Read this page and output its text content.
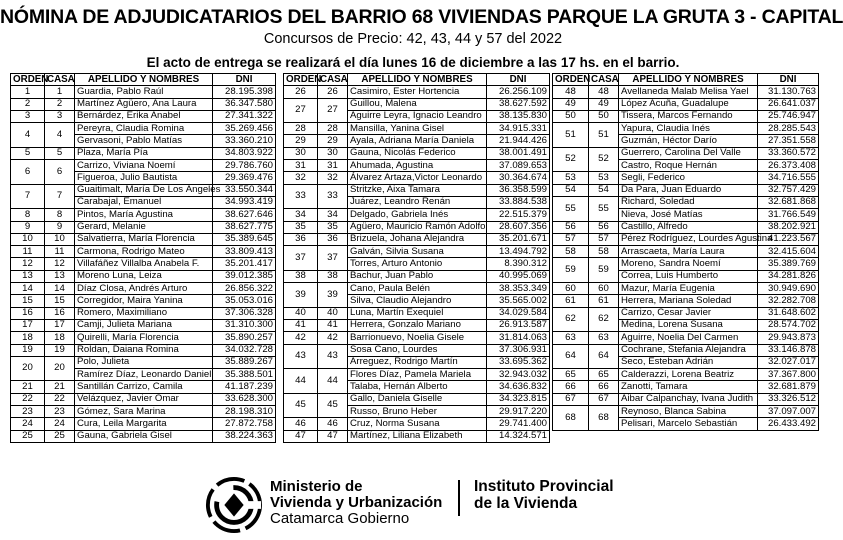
NÓMINA DE ADJUDICATARIOS DEL BARRIO 68 VIVIENDAS PARQUE LA GRUTA 3 - CAPITAL
Concursos de Precio: 42, 43, 44 y 57 del 2022
El acto de entrega se realizará el día lunes 16 de diciembre a las 17 hs. en el barrio.
ORDEN	CASA	APELLIDO Y NOMBRES	DNI
1	1	Guardia, Pablo Raúl	28.195.398
2	2	Martínez Agüero, Ana Laura	36.347.580
3	3	Bernárdez, Erika Anabel	27.341.322
4	4	Pereyra, Claudia Romina	35.269.456
		Gervasoni, Pablo Matías	33.360.210
5	5	Plaza, María Pía	34.803.922
6	6	Carrizo, Viviana Noemí	29.786.760
		Figueroa, Julio Bautista	29.369.476
7	7	Guaitimalt, María De Los Ángeles	33.550.344
		Carabajal, Emanuel	34.993.419
8	8	Pintos, María Agustina	38.627.646
9	9	Gerard, Melanie	38.627.775
10	10	Salvatierra, María Florencia	35.389.645
11	11	Carmona, Rodrigo Mateo	33.809.413
12	12	Villafáñez Villalba Anabela F.	35.201.417
13	13	Moreno Luna, Leiza	39.012.385
14	14	Díaz Closa, Andrés Arturo	26.856.322
15	15	Corregidor, Maira Yanina	35.053.016
16	16	Romero, Maximiliano	37.306.328
17	17	Camji, Julieta Mariana	31.310.300
18	18	Quirelli, María Florencia	35.890.257
19	19	Roldan, Daiana Romina	34.032.728
20	20	Polo, Julieta	35.889.267
		Ramírez Díaz, Leonardo Daniel	35.388.501
21	21	Santillán Carrizo, Camila	41.187.239
22	22	Velázquez, Javier Omar	33.628.300
23	23	Gómez, Sara Marina	28.198.310
24	24	Cura, Leila Margarita	27.872.758
25	25	Gauna, Gabriela Gisel	38.224.363
ORDEN	CASA	APELLIDO Y NOMBRES	DNI
26	26	Casimiro, Ester Hortencia	26.256.109
27	27	Guillou, Malena	38.627.592
		Aguirre Leyra, Ignacio Leandro	38.135.830
28	28	Mansilla, Yanina Gisel	34.915.331
29	29	Ayala, Adriana María Daniela	21.944.426
30	30	Gauna, Nicolás Federico	38.001.491
31	31	Ahumada, Agustina	37.089.653
32	32	Álvarez Artaza,Victor Leonardo	30.364.674
33	33	Stritzke, Aixa Tamara	36.358.599
		Juárez, Leandro Renán	33.884.538
34	34	Delgado, Gabriela Inés	22.515.379
35	35	Agüero, Mauricio Ramón Adolfo	28.607.356
36	36	Brizuela, Johana Alejandra	35.201.671
37	37	Galván, Silvia Susana	13.494.792
		Torres, Arturo Antonio	8.390.312
38	38	Bachur, Juan Pablo	40.995.069
39	39	Cano, Paula Belén	38.353.349
		Silva, Claudio Alejandro	35.565.002
40	40	Luna, Martín Exequiel	34.029.584
41	41	Herrera, Gonzalo Mariano	26.913.587
42	42	Barrionuevo, Noelia Gisele	31.814.063
43	43	Sosa Cano, Lourdes	37.306.931
		Arreguez, Rodrigo Martín	33.695.362
44	44	Flores Díaz, Pamela Mariela	32.943.032
		Talaba, Hernán Alberto	34.636.832
45	45	Gallo, Daniela Giselle	34.323.815
		Russo, Bruno Heber	29.917.220
46	46	Cruz, Norma Susana	29.741.400
47	47	Martínez, Liliana Elizabeth	14.324.571
ORDEN	CASA	APELLIDO Y NOMBRES	DNI
48	48	Avellaneda Malab Melisa Yael	31.130.763
49	49	López Acuña, Guadalupe	26.641.037
50	50	Tissera, Marcos Fernando	25.746.947
51	51	Yapura, Claudia Inés	28.285.543
		Guzmán, Héctor Darío	27.351.558
52	52	Guerrero, Carolina Del Valle	33.360.572
		Castro, Roque Hernán	26.373.408
53	53	Segli, Federico	34.716.555
54	54	Da Para, Juan Eduardo	32.757.429
55	55	Richard, Soledad	32.681.868
		Nieva, José Matías	31.766.549
56	56	Castillo, Alfredo	38.202.921
57	57	Pérez Rodríguez, Lourdes Agustina	41.223.567
58	58	Arrascaeta, María Laura	32.415.604
59	59	Moreno, Sandra Noemí	35.389.769
		Correa, Luis Humberto	34.281.826
60	60	Mazur, María Eugenia	30.949.690
61	61	Herrera, Mariana Soledad	32.282.708
62	62	Carrizo, Cesar Javier	31.648.602
		Medina, Lorena Susana	28.574.702
63	63	Aguirre, Noelia Del Carmen	29.943.873
64	64	Cochrane, Stefania Alejandra	33.146.878
		Seco, Esteban Adrián	32.027.017
65	65	Calderazzi, Lorena Beatriz	37.367.800
66	66	Zanotti, Tamara	32.681.879
67	67	Aibar Calpanchay, Ivana Judith	33.326.512
68	68	Reynoso, Blanca Sabina	37.097.007
		Pelisari, Marcelo Sebastián	26.433.492
Ministerio de
Vivienda y Urbanización
Catamarca Gobierno
Instituto Provincial
de la Vivienda
